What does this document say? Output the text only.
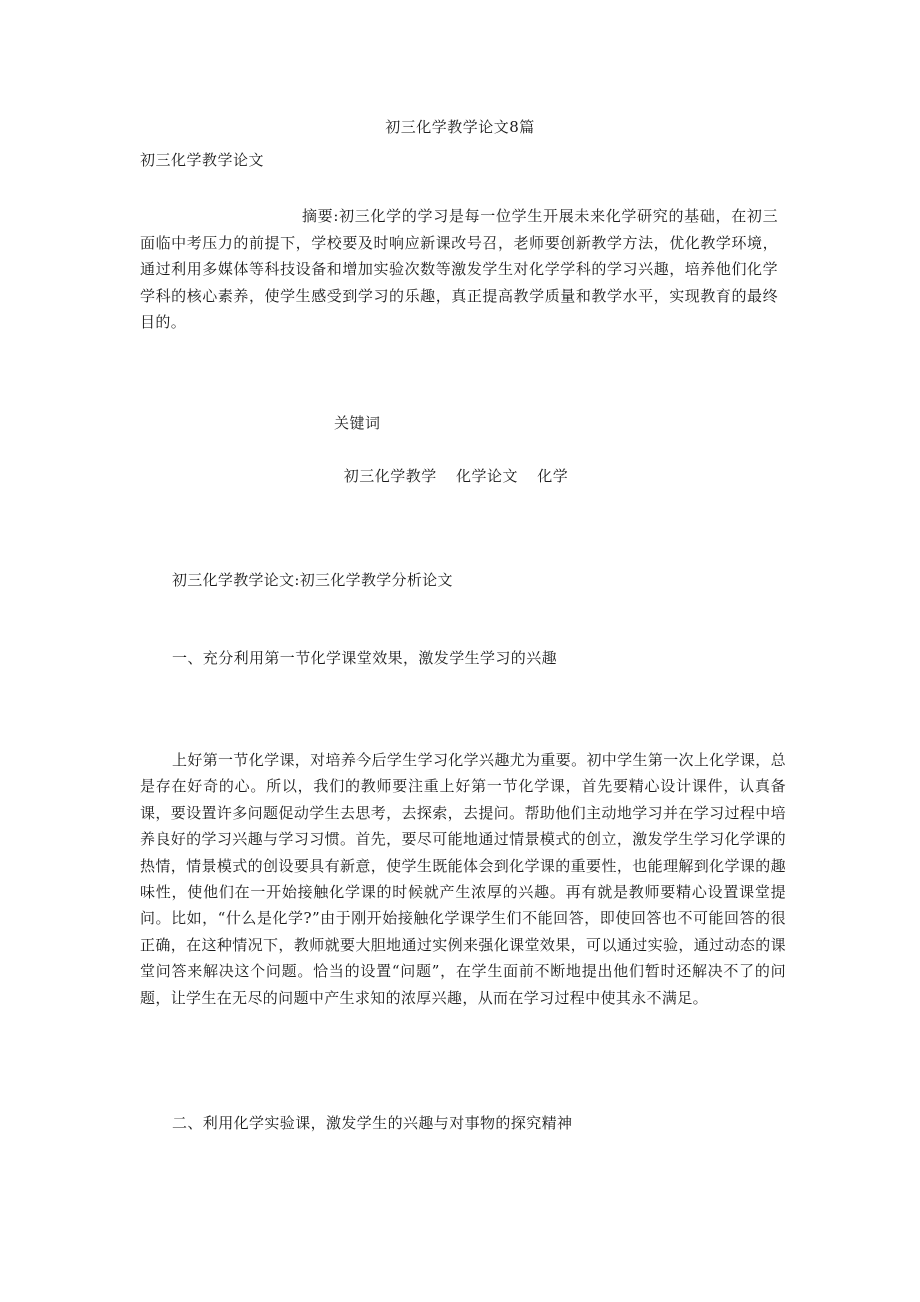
初三化学教学论文8篇
初三化学教学论文
摘要:初三化学的学习是每一位学生开展未来化学研究的基础，在初三面临中考压力的前提下，学校要及时响应新课改号召，老师要创新教学方法，优化教学环境，通过利用多媒体等科技设备和增加实验次数等激发学生对化学学科的学习兴趣，培养他们化学学科的核心素养，使学生感受到学习的乐趣，真正提高教学质量和教学水平，实现教育的最终目的。
关键词
初三化学教学 化学论文 化学
初三化学教学论文:初三化学教学分析论文
一、充分利用第一节化学课堂效果，激发学生学习的兴趣
上好第一节化学课，对培养今后学生学习化学兴趣尤为重要。初中学生第一次上化学课，总是存在好奇的心。所以，我们的教师要注重上好第一节化学课，首先要精心设计课件，认真备课，要设置许多问题促动学生去思考，去探索，去提问。帮助他们主动地学习并在学习过程中培养良好的学习兴趣与学习习惯。首先，要尽可能地通过情景模式的创立，激发学生学习化学课的热情，情景模式的创设要具有新意，使学生既能体会到化学课的重要性，也能理解到化学课的趣味性，使他们在一开始接触化学课的时候就产生浓厚的兴趣。再有就是教师要精心设置课堂提问。比如，“什么是化学?”由于刚开始接触化学课学生们不能回答，即使回答也不可能回答的很正确，在这种情况下，教师就要大胆地通过实例来强化课堂效果，可以通过实验，通过动态的课堂问答来解决这个问题。恰当的设置“问题”，在学生面前不断地提出他们暂时还解决不了的问题，让学生在无尽的问题中产生求知的浓厚兴趣，从而在学习过程中使其永不满足。
二、利用化学实验课，激发学生的兴趣与对事物的探究精神
